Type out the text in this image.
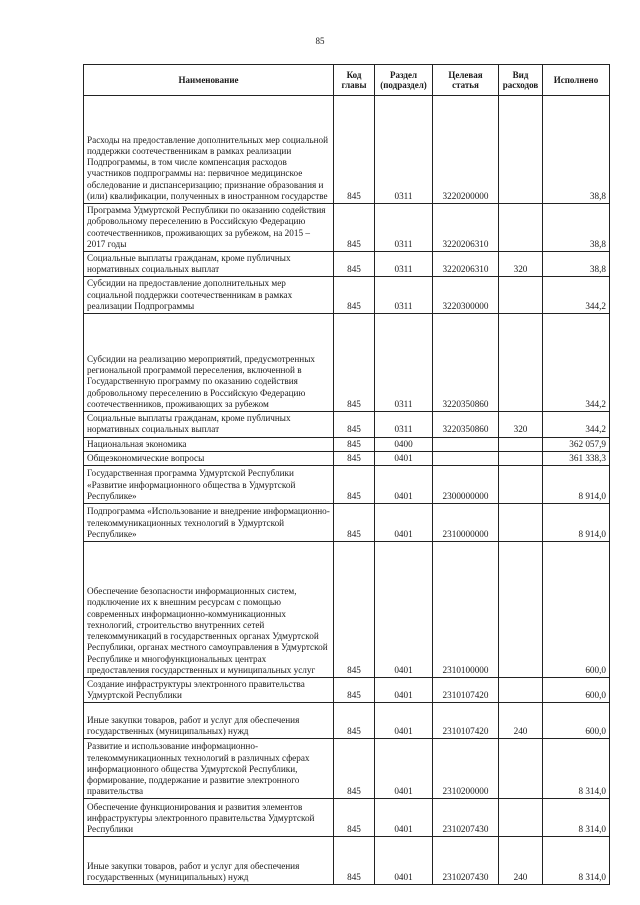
85
Наименование	Код главы	Раздел (подраздел)	Целевая статья	Вид расходов	Исполнено
Расходы на предоставление дополнительных мер социальной поддержки соотечественникам в рамках реализации Подпрограммы, в том числе компенсация расходов участников подпрограммы на: первичное медицинское обследование и диспансеризацию; признание образования и (или) квалификации, полученных в иностранном государстве	845	0311	3220200000		38,8
Программа Удмуртской Республики по оказанию содействия добровольному переселению в Российскую Федерацию соотечественников, проживающих за рубежом, на 2015 – 2017 годы	845	0311	3220206310		38,8
Социальные выплаты гражданам, кроме публичных нормативных социальных выплат	845	0311	3220206310	320	38,8
Субсидии на предоставление дополнительных мер социальной поддержки соотечественникам в рамках реализации Подпрограммы	845	0311	3220300000		344,2
Субсидии на реализацию мероприятий, предусмотренных региональной программой переселения, включенной в Государственную программу по оказанию содействия добровольному переселению в Российскую Федерацию соотечественников, проживающих за рубежом	845	0311	3220350860		344,2
Социальные выплаты гражданам, кроме публичных нормативных социальных выплат	845	0311	3220350860	320	344,2
Национальная экономика	845	0400			362 057,9
Общеэкономические вопросы	845	0401			361 338,3
Государственная программа Удмуртской Республики «Развитие информационного общества в Удмуртской Республике»	845	0401	2300000000		8 914,0
Подпрограмма «Использование и внедрение информационно-телекоммуникационных технологий в Удмуртской Республике»	845	0401	2310000000		8 914,0
Обеспечение безопасности информационных систем, подключение их к внешним ресурсам с помощью современных информационно-коммуникационных технологий, строительство внутренних сетей телекоммуникаций в государственных органах Удмуртской Республики, органах местного самоуправления в Удмуртской Республике и многофункциональных центрах предоставления государственных и муниципальных услуг	845	0401	2310100000		600,0
Создание инфраструктуры электронного правительства Удмуртской Республики	845	0401	2310107420		600,0
Иные закупки товаров, работ и услуг для обеспечения государственных (муниципальных) нужд	845	0401	2310107420	240	600,0
Развитие и использование информационно-телекоммуникационных технологий в различных сферах информационного общества Удмуртской Республики, формирование, поддержание и развитие электронного правительства	845	0401	2310200000		8 314,0
Обеспечение функционирования и развития элементов инфраструктуры электронного правительства Удмуртской Республики	845	0401	2310207430		8 314,0
Иные закупки товаров, работ и услуг для обеспечения государственных (муниципальных) нужд	845	0401	2310207430	240	8 314,0
